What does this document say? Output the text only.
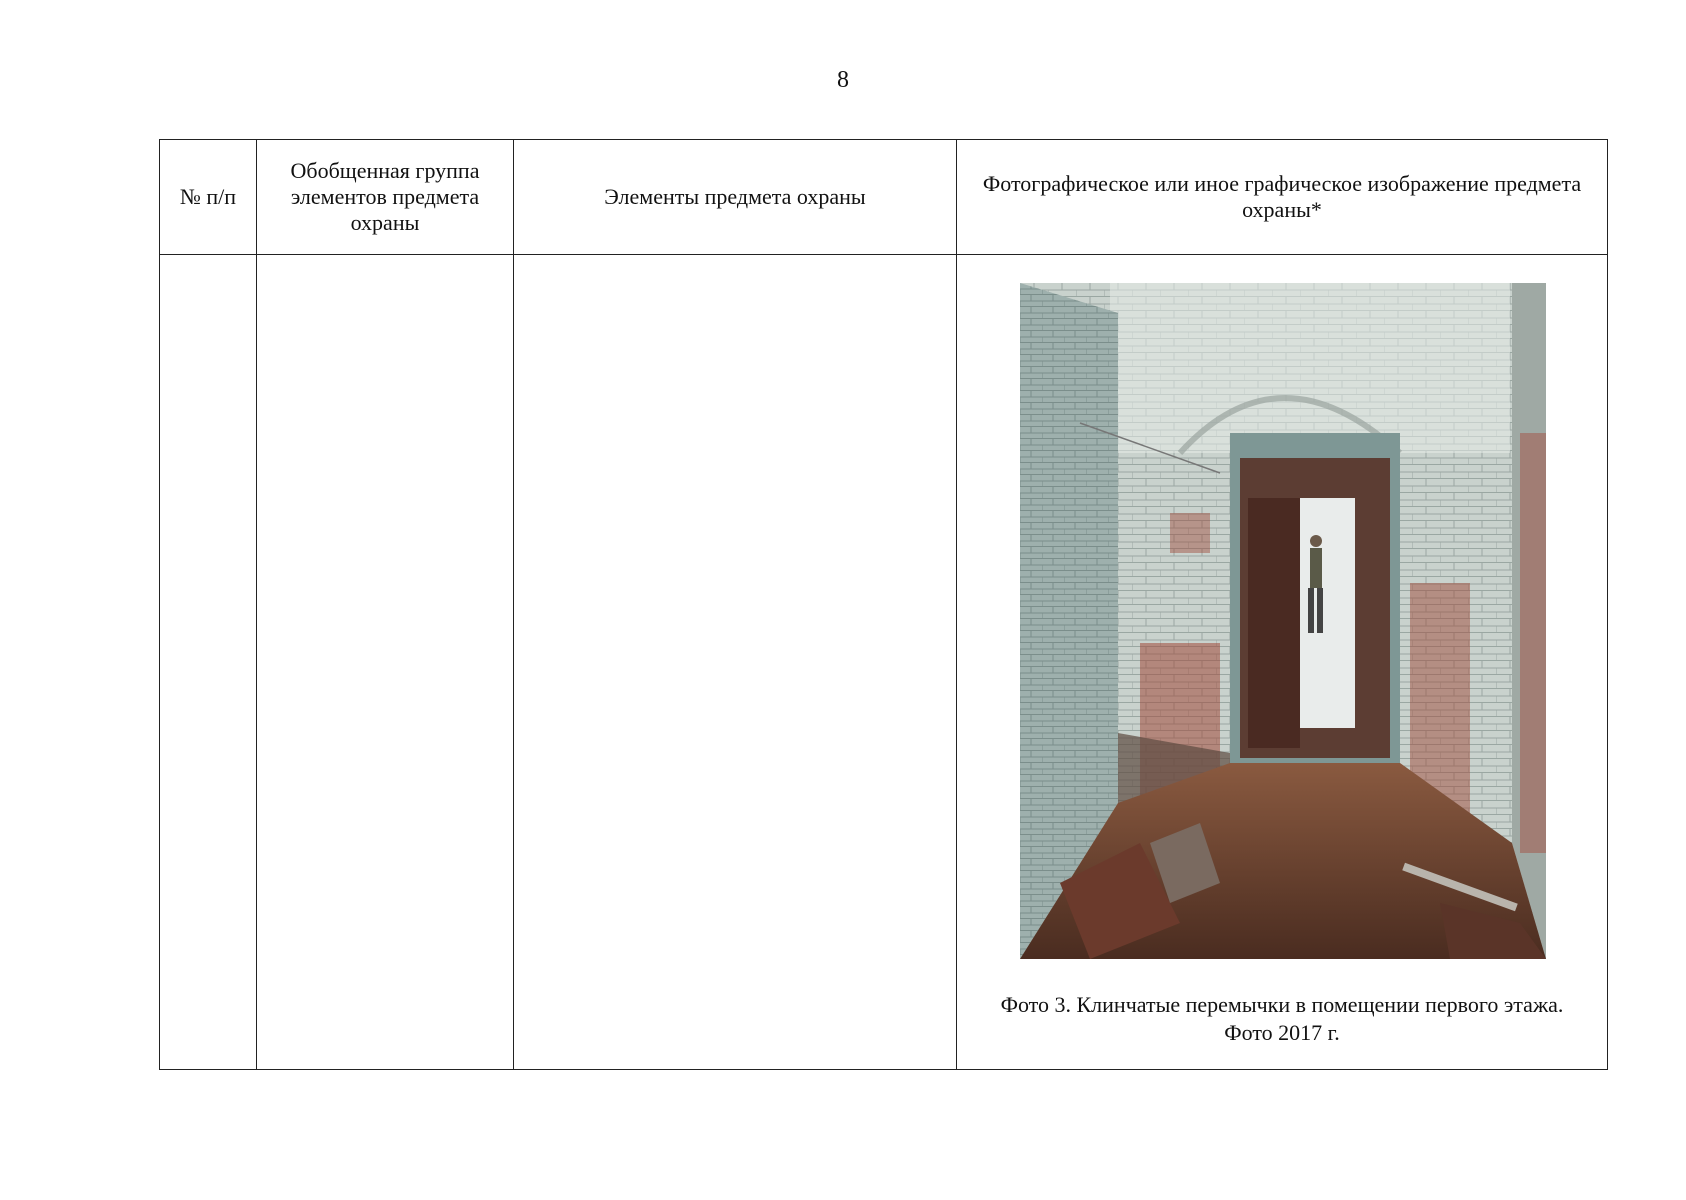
8
№ п/п	Обобщенная группа элементов предмета охраны	Элементы предмета охраны	Фотографическое или иное графическое изображение предмета охраны*

			Фото 3. Клинчатые перемычки в помещении первого этажа.
Фото 2017 г.
